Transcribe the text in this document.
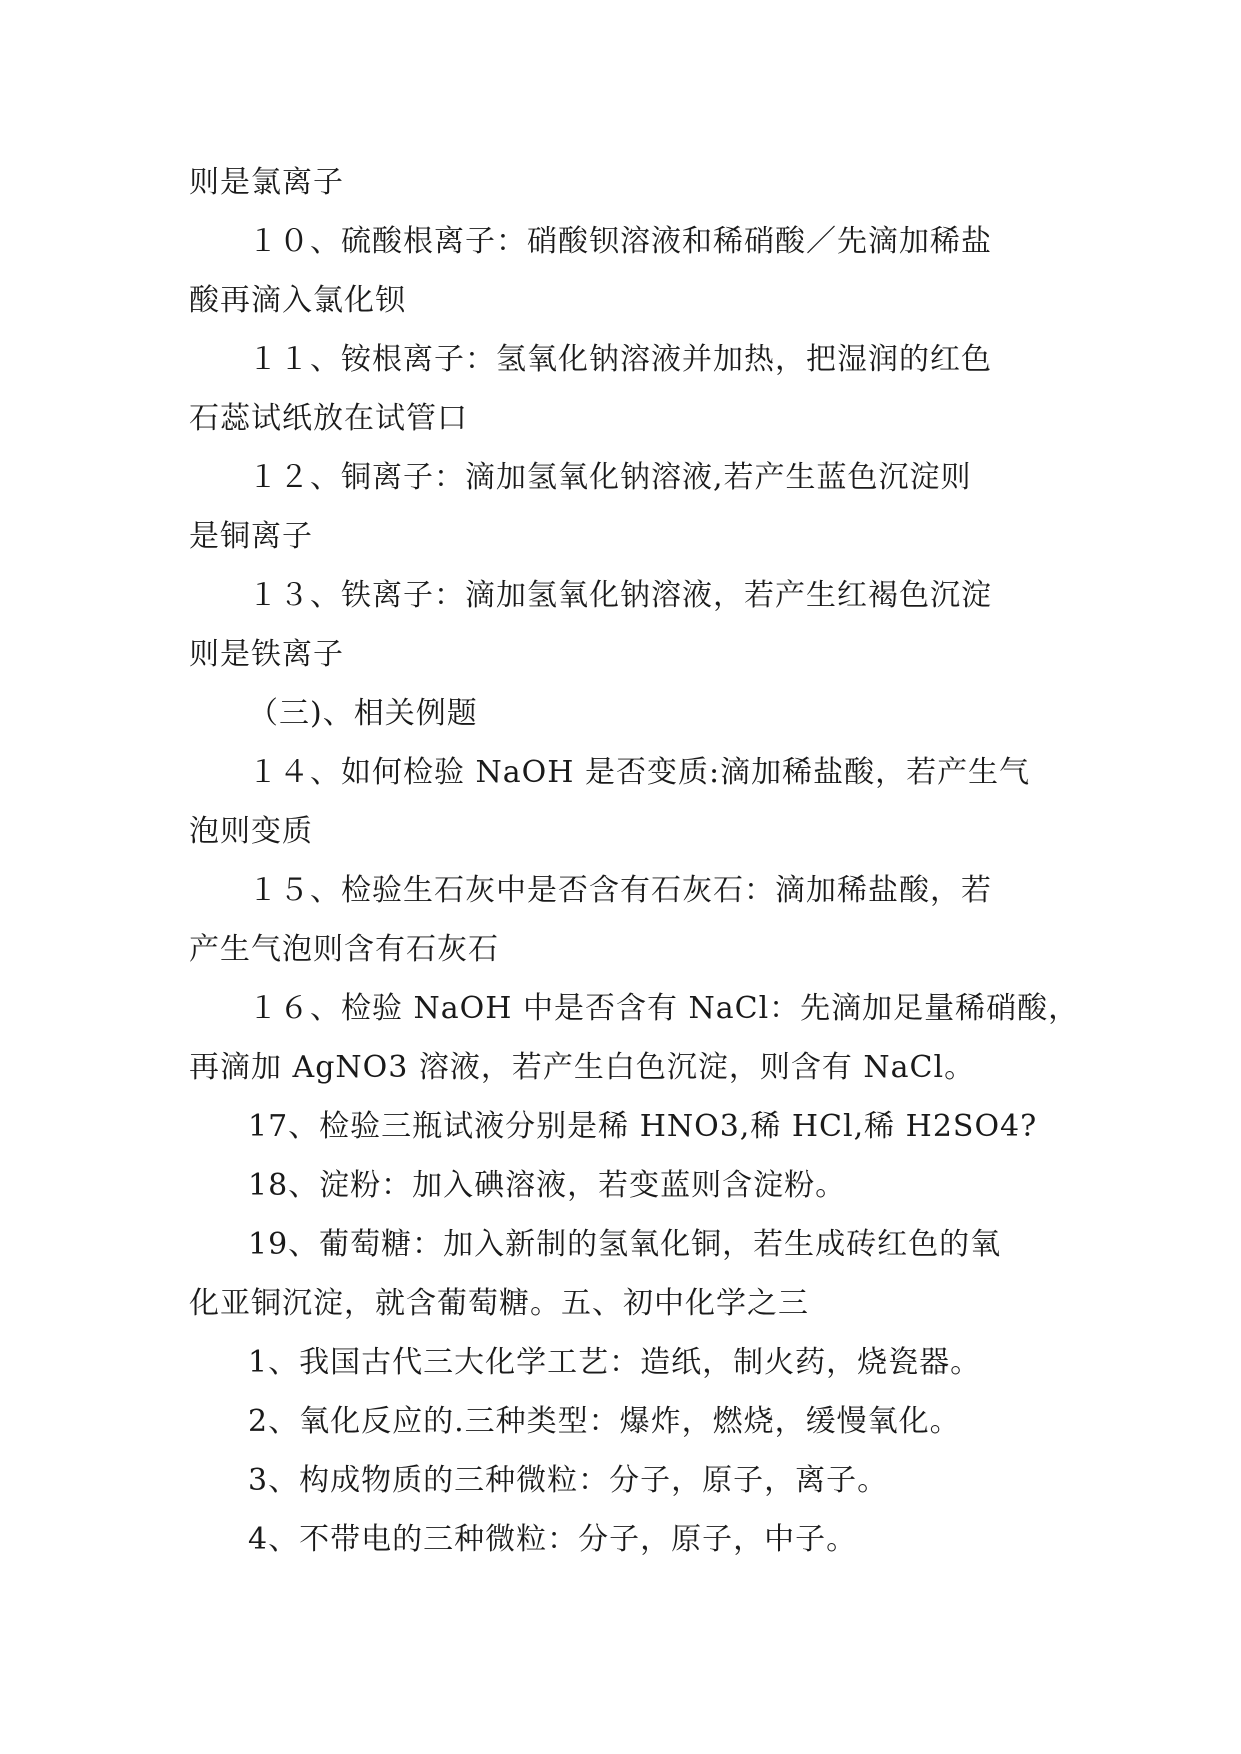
则是氯离子
１０、硫酸根离子：硝酸钡溶液和稀硝酸／先滴加稀盐
酸再滴入氯化钡
１１、铵根离子：氢氧化钠溶液并加热，把湿润的红色
石蕊试纸放在试管口
１２、铜离子：滴加氢氧化钠溶液,若产生蓝色沉淀则
是铜离子
１３、铁离子：滴加氢氧化钠溶液，若产生红褐色沉淀
则是铁离子
（三)、相关例题
１４、如何检验 NaOH 是否变质:滴加稀盐酸，若产生气
泡则变质
１５、检验生石灰中是否含有石灰石：滴加稀盐酸，若
产生气泡则含有石灰石
１６、检验 NaOH 中是否含有 NaCl：先滴加足量稀硝酸，
再滴加 AgNO3 溶液，若产生白色沉淀，则含有 NaCl。
17、检验三瓶试液分别是稀 HNO3,稀 HCl,稀 H2SO4?
18、淀粉：加入碘溶液，若变蓝则含淀粉。
19、葡萄糖：加入新制的氢氧化铜，若生成砖红色的氧
化亚铜沉淀，就含葡萄糖。五、初中化学之三
1、我国古代三大化学工艺：造纸，制火药，烧瓷器。
2、氧化反应的.三种类型：爆炸，燃烧，缓慢氧化。
3、构成物质的三种微粒：分子，原子，离子。
4、不带电的三种微粒：分子，原子，中子。
